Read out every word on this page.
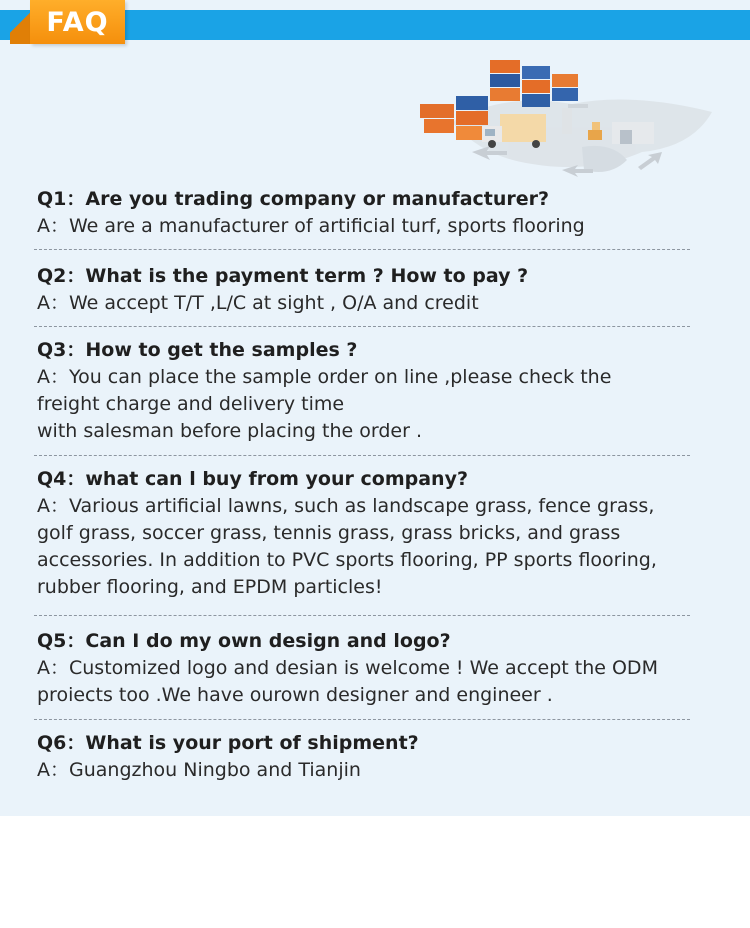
FAQ
Q1：Are you trading company or manufacturer?
A：We are a manufacturer of artificial turf, sports flooring
Q2：What is the payment term ? How to pay ?
A：We accept T/T ,L/C at sight , O/A and credit
Q3：How to get the samples ?
A：You can place the sample order on line ,please check the
freight charge and delivery time
with salesman before placing the order .
Q4：what can l buy from your company?
A：Various artificial lawns, such as landscape grass, fence grass,
golf grass, soccer grass, tennis grass, grass bricks, and grass
accessories. In addition to PVC sports flooring, PP sports flooring,
rubber flooring, and EPDM particles!
Q5：Can I do my own design and logo?
A：Customized logo and desian is welcome ! We accept the ODM
proiects too .We have ourown designer and engineer .
Q6：What is your port of shipment?
A：Guangzhou Ningbo and Tianjin
